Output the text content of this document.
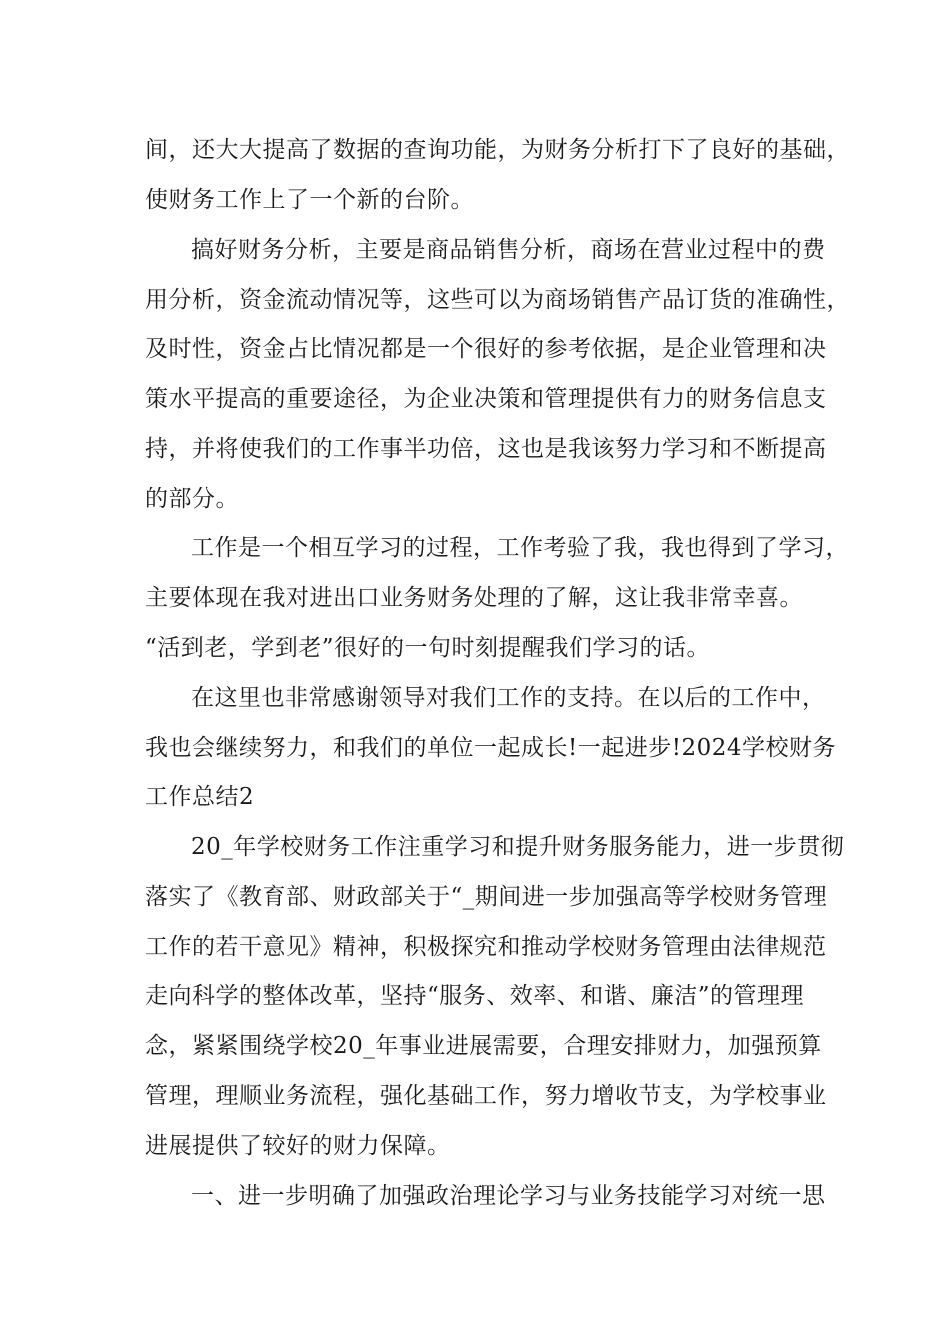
间，还大大提高了数据的查询功能，为财务分析打下了良好的基础，
使财务工作上了一个新的台阶。
搞好财务分析，主要是商品销售分析，商场在营业过程中的费
用分析，资金流动情况等，这些可以为商场销售产品订货的准确性，
及时性，资金占比情况都是一个很好的参考依据，是企业管理和决
策水平提高的重要途径，为企业决策和管理提供有力的财务信息支
持，并将使我们的工作事半功倍，这也是我该努力学习和不断提高
的部分。
工作是一个相互学习的过程，工作考验了我，我也得到了学习，
主要体现在我对进出口业务财务处理的了解，这让我非常幸喜。
“活到老，学到老”很好的一句时刻提醒我们学习的话。
在这里也非常感谢领导对我们工作的支持。在以后的工作中，
我也会继续努力，和我们的单位一起成长!一起进步!2024学校财务
工作总结2
20_年学校财务工作注重学习和提升财务服务能力，进一步贯彻
落实了《教育部、财政部关于“_期间进一步加强高等学校财务管理
工作的若干意见》精神，积极探究和推动学校财务管理由法律规范
走向科学的整体改革，坚持“服务、效率、和谐、廉洁”的管理理
念，紧紧围绕学校20_年事业进展需要，合理安排财力，加强预算
管理，理顺业务流程，强化基础工作，努力增收节支，为学校事业
进展提供了较好的财力保障。
一、进一步明确了加强政治理论学习与业务技能学习对统一思
